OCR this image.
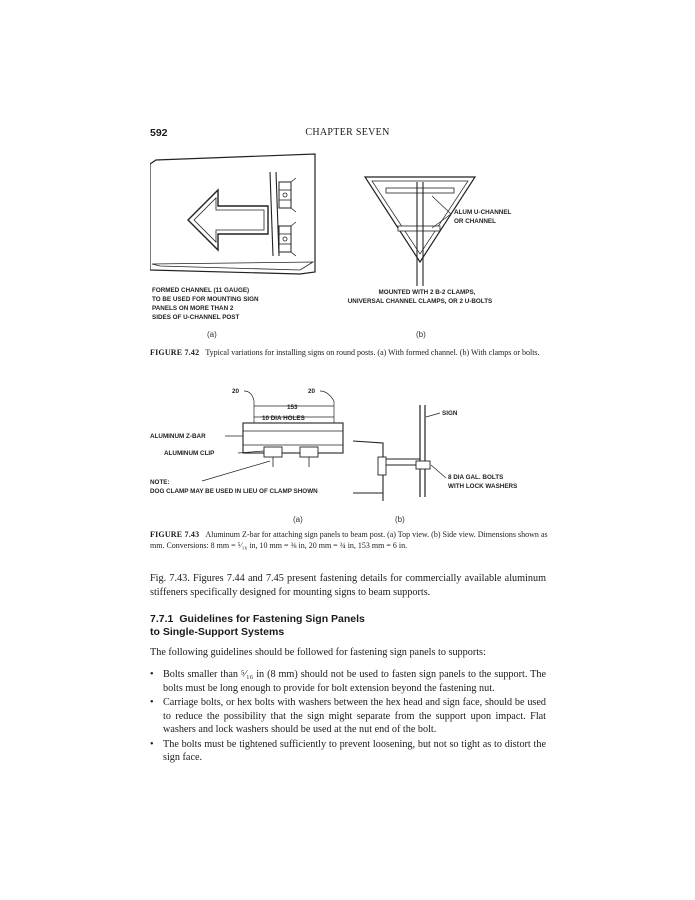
592	CHAPTER SEVEN
FORMED CHANNEL (11 GAUGE)
TO BE USED FOR MOUNTING SIGN
PANELS ON MORE THAN 2
SIDES OF U-CHANNEL POST
(a)
ALUM U-CHANNEL
OR CHANNEL
MOUNTED WITH 2 B-2 CLAMPS,
UNIVERSAL CHANNEL CLAMPS, OR 2 U-BOLTS
(b)
FIGURE 7.42 Typical variations for installing signs on round posts. (a) With formed channel. (b) With clamps or bolts.
20	20
153
10 DIA HOLES
ALUMINUM Z-BAR
ALUMINUM CLIP
NOTE:
DOG CLAMP MAY BE USED IN LIEU OF CLAMP SHOWN
(a)
SIGN
8 DIA GAL. BOLTS
WITH LOCK WASHERS
(b)
FIGURE 7.43 Aluminum Z-bar for attaching sign panels to beam post. (a) Top view. (b) Side view. Dimensions shown as mm. Conversions: 8 mm = ⁵⁄₁₆ in, 10 mm = ⅜ in, 20 mm = ¾ in, 153 mm = 6 in.
Fig. 7.43. Figures 7.44 and 7.45 present fastening details for commercially available aluminum stiffeners specifically designed for mounting signs to beam supports.
7.7.1 Guidelines for Fastening Sign Panels
to Single-Support Systems
The following guidelines should be followed for fastening sign panels to supports:
• Bolts smaller than ⁵⁄₁₆ in (8 mm) should not be used to fasten sign panels to the support. The bolts must be long enough to provide for bolt extension beyond the fastening nut.
• Carriage bolts, or hex bolts with washers between the hex head and sign face, should be used to reduce the possibility that the sign might separate from the support upon impact. Flat washers and lock washers should be used at the nut end of the bolt.
• The bolts must be tightened sufficiently to prevent loosening, but not so tight as to distort the sign face.
